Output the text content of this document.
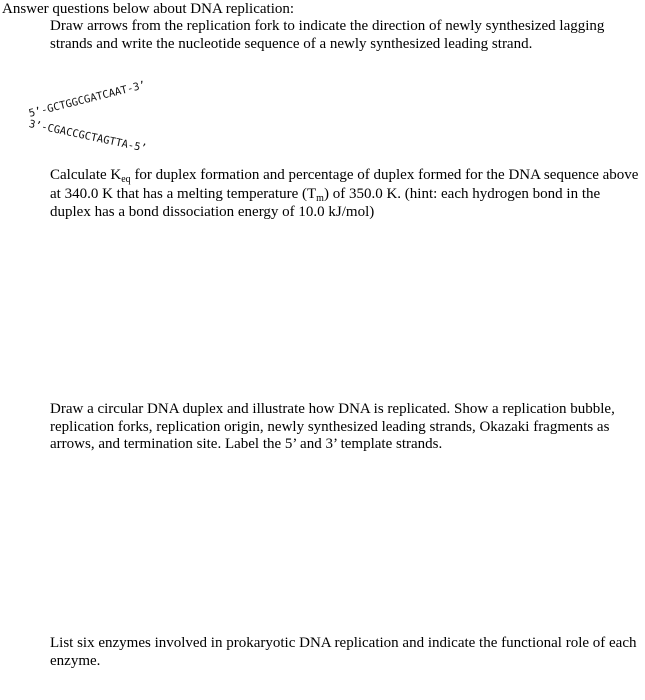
Answer questions below about DNA replication:
Draw arrows from the replication fork to indicate the direction of newly synthesized lagging strands and write the nucleotide sequence of a newly synthesized leading strand.
5’-GCTGGCGATCAAT-3’
3’-CGACCGCTAGTTA-5’
Calculate $K_{eq}$ for duplex formation and percentage of duplex formed for the DNA sequence above at 340.0 K that has a melting temperature $(T_m)$ of 350.0 K. (hint: each hydrogen bond in the duplex has a bond dissociation energy of 10.0 kJ/mol)
Draw a circular DNA duplex and illustrate how DNA is replicated. Show a replication bubble, replication forks, replication origin, newly synthesized leading strands, Okazaki fragments as arrows, and termination site. Label the 5’ and 3’ template strands.
List six enzymes involved in prokaryotic DNA replication and indicate the functional role of each enzyme.
